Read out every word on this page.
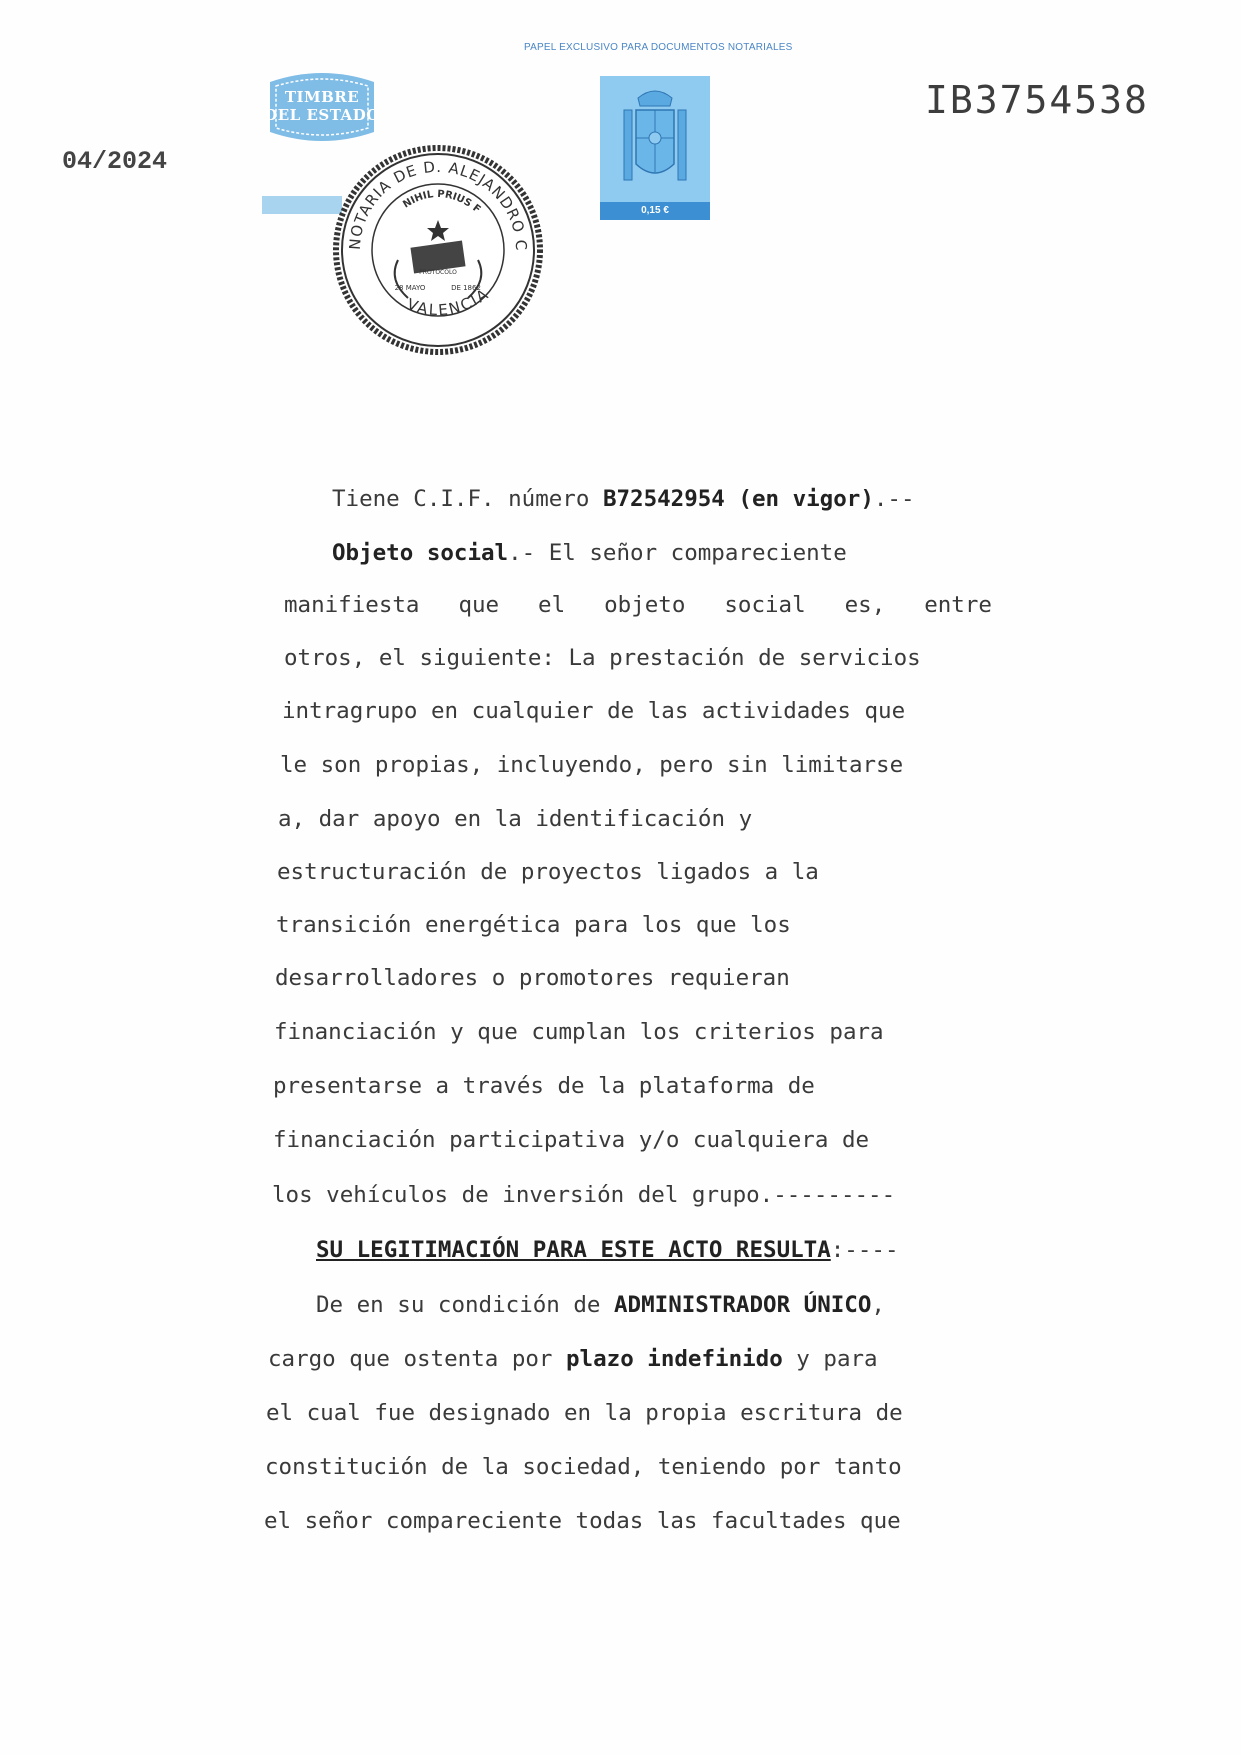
PAPEL EXCLUSIVO PARA DOCUMENTOS NOTARIALES
IB3754538
04/2024
TIMBRE
DEL ESTADO
0,15 €
NOTARIA DE D. ALEJANDRO C
VALENCIA
NIHIL PRIUS F
PROTOCOLO
28 MAYO	DE 1862
Tiene C.I.F. número B72542954 (en vigor).--
Objeto social.- El señor compareciente
manifiesta que el objeto social es, entre
otros, el siguiente: La prestación de servicios
intragrupo en cualquier de las actividades que
le son propias, incluyendo, pero sin limitarse
a, dar apoyo en la identificación y
estructuración de proyectos ligados a la
transición energética para los que los
desarrolladores o promotores requieran
financiación y que cumplan los criterios para
presentarse a través de la plataforma de
financiación participativa y/o cualquiera de
los vehículos de inversión del grupo.---------
SU LEGITIMACIÓN PARA ESTE ACTO RESULTA:----
De en su condición de ADMINISTRADOR ÚNICO,
cargo que ostenta por plazo indefinido y para
el cual fue designado en la propia escritura de
constitución de la sociedad, teniendo por tanto
el señor compareciente todas las facultades que
